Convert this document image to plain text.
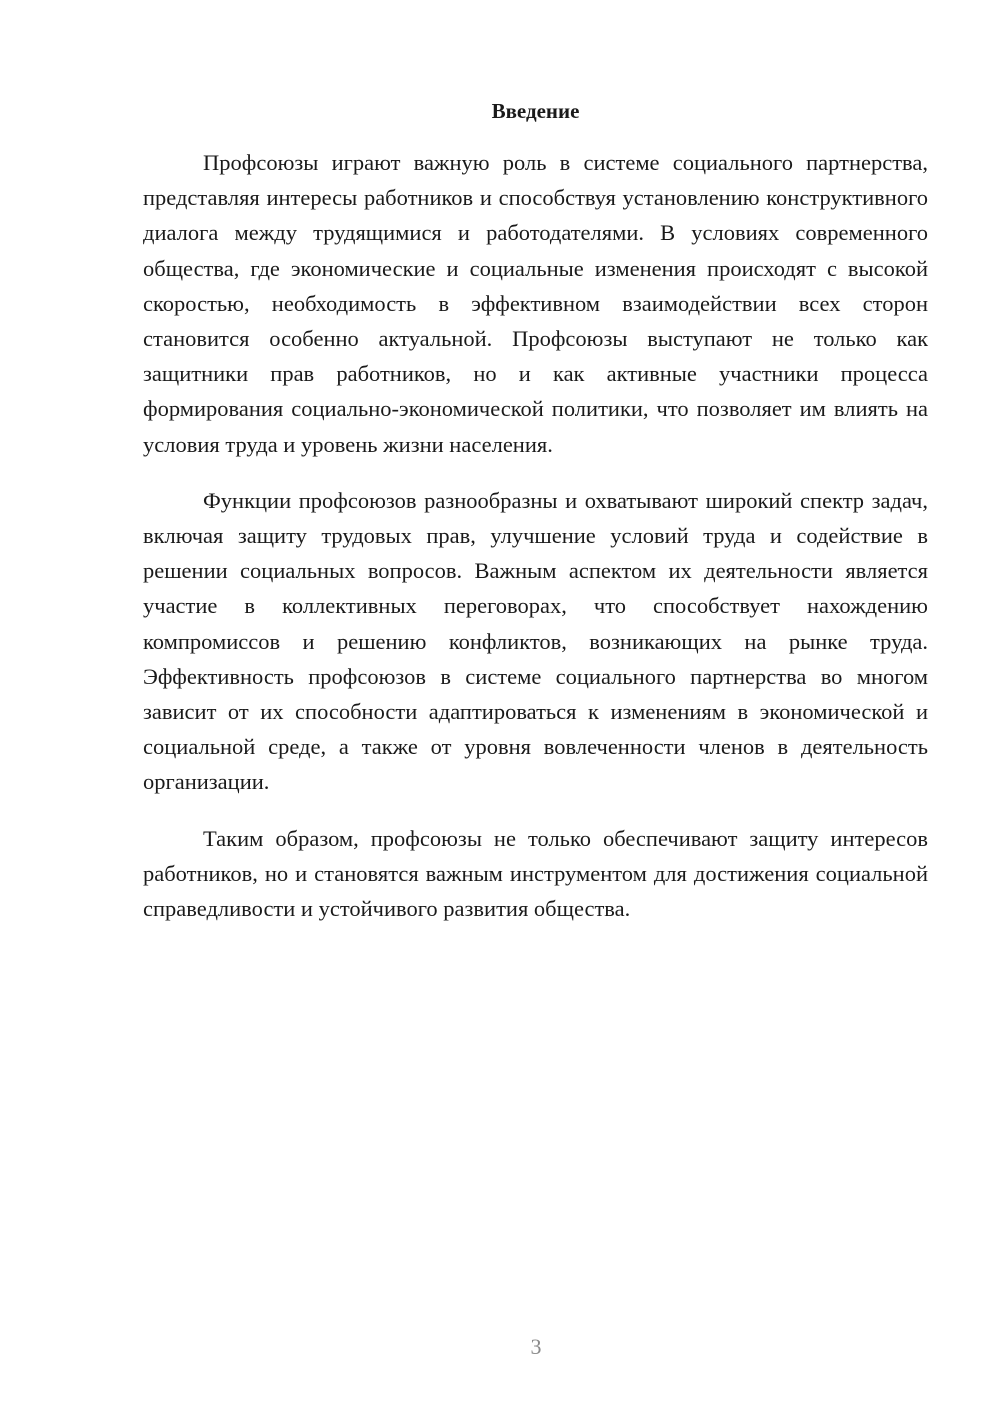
Введение

Профсоюзы играют важную роль в системе социального партнерства, представляя интересы работников и способствуя установлению конструктивного диалога между трудящимися и работодателями. В условиях современного общества, где экономические и социальные изменения происходят с высокой скоростью, необходимость в эффективном взаимодействии всех сторон становится особенно актуальной. Профсоюзы выступают не только как защитники прав работников, но и как активные участники процесса формирования социально-экономической политики, что позволяет им влиять на условия труда и уровень жизни населения.

Функции профсоюзов разнообразны и охватывают широкий спектр задач, включая защиту трудовых прав, улучшение условий труда и содействие в решении социальных вопросов. Важным аспектом их деятельности является участие в коллективных переговорах, что способствует нахождению компромиссов и решению конфликтов, возникающих на рынке труда. Эффективность профсоюзов в системе социального партнерства во многом зависит от их способности адаптироваться к изменениям в экономической и социальной среде, а также от уровня вовлеченности членов в деятельность организации.

Таким образом, профсоюзы не только обеспечивают защиту интересов работников, но и становятся важным инструментом для достижения социальной справедливости и устойчивого развития общества.

3
